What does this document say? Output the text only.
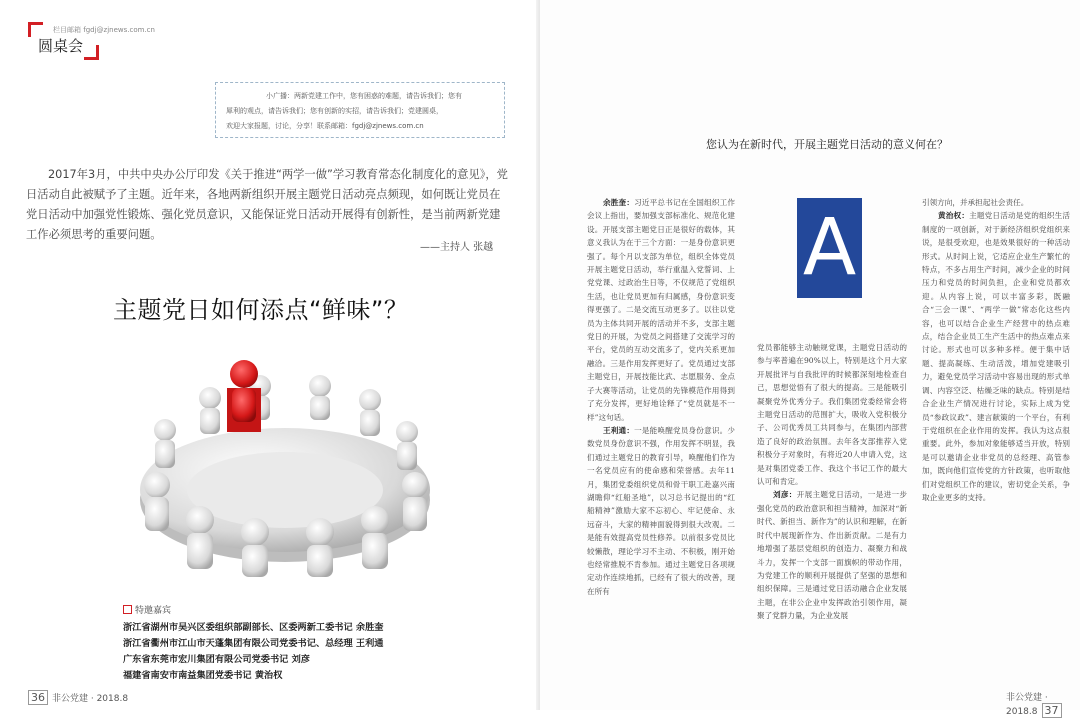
栏目邮箱 fgdj@zjnews.com.cn
圆桌会
小广播：两新党建工作中，您有困惑的难题，请告诉我们；您有
犀利的观点，请告诉我们；您有创新的实招，请告诉我们；党建圆桌，
欢迎大家报题，讨论，分享！联系邮箱：fgdj@zjnews.com.cn
2017年3月，中共中央办公厅印发《关于推进“两学一做”学习教育常态化制度化的意见》，党日活动自此被赋予了主题。近年来，各地两新组织开展主题党日活动亮点频现，如何既让党员在党日活动中加强党性锻炼、强化党员意识，又能保证党日活动开展得有创新性，是当前两新党建工作必须思考的重要问题。
——主持人 张越
主题党日如何添点“鲜味”？
特邀嘉宾
浙江省湖州市吴兴区委组织部副部长、区委两新工委书记 余胜奎
浙江省衢州市江山市天蓬集团有限公司党委书记、总经理 王利通
广东省东莞市宏川集团有限公司党委书记 刘彦
福建省南安市南益集团党委书记 黄治权
36 非公党建 · 2018.8
您认为在新时代，开展主题党日活动的意义何在？

余胜奎：习近平总书记在全国组织工作会议上指出，要加强支部标准化、规范化建设。开展支部主题党日正是很好的载体，其意义我认为在于三个方面：一是身份意识更强了。每个月以支部为单位，组织全体党员开展主题党日活动，举行重温入党誓词、上党党课、过政治生日等，不仅规范了党组织生活，也让党员更加有归属感，身份意识变得更强了。二是交流互动更多了。以往以党员为主体共同开展的活动并不多，支部主题党日的开展，为党员之间搭建了交流学习的平台，党员的互动交流多了，党内关系更加融洽。三是作用发挥更好了。党员通过支部主题党日，开展技能比武、志愿服务、金点子大赛等活动，让党员的先锋模范作用得到了充分发挥，更好地诠释了“党员就是不一样”这句话。

王利通：一是能唤醒党员身份意识。少数党员身份意识不强，作用发挥不明显，我们通过主题党日的教育引导，唤醒他们作为一名党员应有的使命感和荣誉感。去年11月，集团党委组织党员和骨干职工赴嘉兴南湖瞻仰“红船圣地”，以习总书记提出的“红船精神”激励大家不忘初心、牢记使命、永远奋斗，大家的精神面貌得到很大改观。二是能有效提高党员性修养。以前很多党员比较懒散，理论学习不主动、不积极，刚开始也经常推脱不肯参加。通过主题党日各项规定动作连续地抓，已经有了很大的改善，现在所有

A

党员都能够主动触规党课，主题党日活动的参与率普遍在90%以上，特别是这个月大家开展批评与自我批评的时候都深刻地检查自己，思想觉悟有了很大的提高。三是能吸引凝聚党外优秀分子。我们集团党委经常会将主题党日活动的范围扩大，吸收入党积极分子、公司优秀员工共同参与，在集团内部营造了良好的政治氛围。去年各支部推荐入党积极分子对象时，有将近20人申请入党，这是对集团党委工作、我这个书记工作的最大认可和肯定。

刘彦：开展主题党日活动，一是进一步强化党员的政治意识和担当精神，加深对“新时代、新担当、新作为”的认识和理解，在新时代中展现新作为、作出新贡献。二是有力地增强了基层党组织的创造力、凝聚力和战斗力，发挥一个支部一面旗帜的带动作用，为党建工作的顺利开展提供了坚强的思想和组织保障。三是通过党日活动融合企业发展主题，在非公企业中发挥政治引领作用，凝聚了党群力量，为企业发展

引领方向，并承担起社会责任。

黄治权：主题党日活动是党的组织生活制度的一项创新，对于新经济组织党组织来说，是很受欢迎，也是效果很好的一种活动形式。从时间上说，它适应企业生产繁忙的特点，不多占用生产时间，减少企业的时间压力和党员的时间负担，企业和党员都欢迎。从内容上说，可以丰富多彩，既融合“三会一课”、“两学一做”常态化这些内容，也可以结合企业生产经营中的热点难点，结合企业员工生产生活中的热点难点来讨论。形式也可以多种多样。便于集中话题、提高凝练、生动活泼，增加党建吸引力，避免党员学习活动中容易出现的形式单调、内容空泛、枯燥乏味的缺点。特别是结合企业生产情况进行讨论，实际上成为党员“参政议政”、建言献策的一个平台，有利于党组织在企业作用的发挥。我认为这点很重要。此外，参加对象能够适当开放，特别是可以邀请企业非党员的总经理、高管参加，既向他们宣传党的方针政策，也听取他们对党组织工作的建议，密切党企关系，争取企业更多的支持。

非公党建 · 2018.8 37
